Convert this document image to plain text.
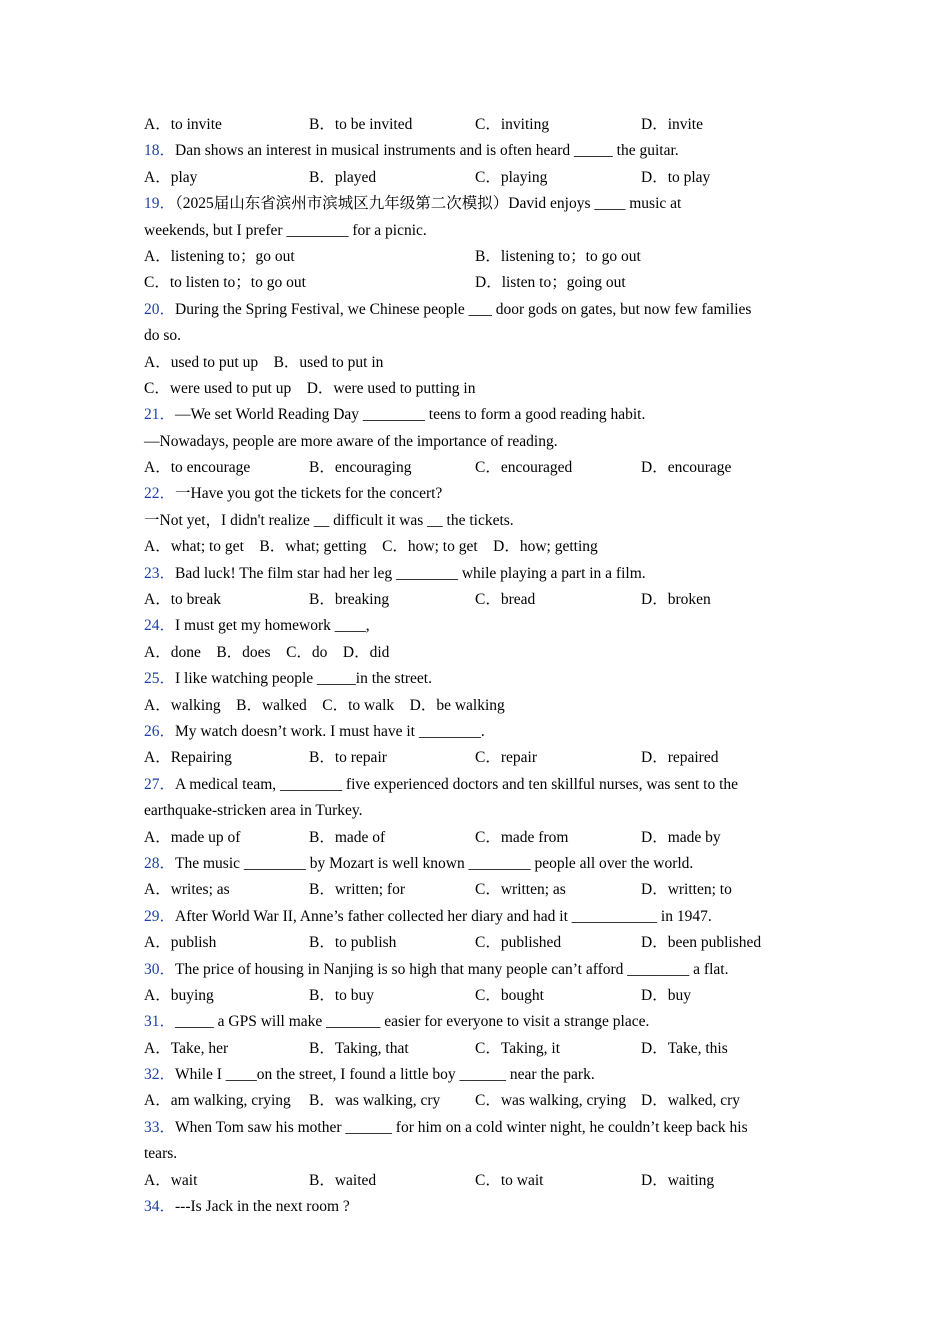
A．to invite	B．to be invited	C．inviting	D．invite
18．Dan shows an interest in musical instruments and is often heard _____ the guitar.
A．play	B．played	C．playing	D．to play
19．（2025届山东省滨州市滨城区九年级第二次模拟）David enjoys ____ music at
weekends, but I prefer ________ for a picnic.
A．listening to；go out	B．listening to；to go out
C．to listen to；to go out	D．listen to；going out
20．During the Spring Festival, we Chinese people ___ door gods on gates, but now few families
do so.
A．used to put up　B．used to put in
C．were used to put up　D．were used to putting in
21．—We set World Reading Day ________ teens to form a good reading habit.
—Nowadays, people are more aware of the importance of reading.
A．to encourage	B．encouraging	C．encouraged	D．encourage
22．一Have you got the tickets for the concert?
一Not yet，I didn't realize __ difficult it was __ the tickets.
A．what; to get　B．what; getting　C．how; to get　D．how; getting
23．Bad luck! The film star had her leg ________ while playing a part in a film.
A．to break	B．breaking	C．bread	D．broken
24．I must get my homework ____,
A．done　B．does　C．do　D．did
25．I like watching people _____in the street.
A．walking　B．walked　C．to walk　D．be walking
26．My watch doesn’t work. I must have it ________.
A．Repairing	B．to repair	C．repair	D．repaired
27．A medical team, ________ five experienced doctors and ten skillful nurses, was sent to the
earthquake-stricken area in Turkey.
A．made up of	B．made of	C．made from	D．made by
28．The music ________ by Mozart is well known ________ people all over the world.
A．writes; as	B．written; for	C．written; as	D．written; to
29．After World War II, Anne’s father collected her diary and had it ___________ in 1947.
A．publish	B．to publish	C．published	D．been published
30．The price of housing in Nanjing is so high that many people can’t afford ________ a flat.
A．buying	B．to buy	C．bought	D．buy
31．_____ a GPS will make _______ easier for everyone to visit a strange place.
A．Take, her	B．Taking, that	C．Taking, it	D．Take, this
32．While I ____on the street, I found a little boy ______ near the park.
A．am walking, crying B．was walking, cry C．was walking, crying D．walked, cry
33．When Tom saw his mother ______ for him on a cold winter night, he couldn’t keep back his
tears.
A．wait	B．waited	C．to wait	D．waiting
34．---Is Jack in the next room ?
